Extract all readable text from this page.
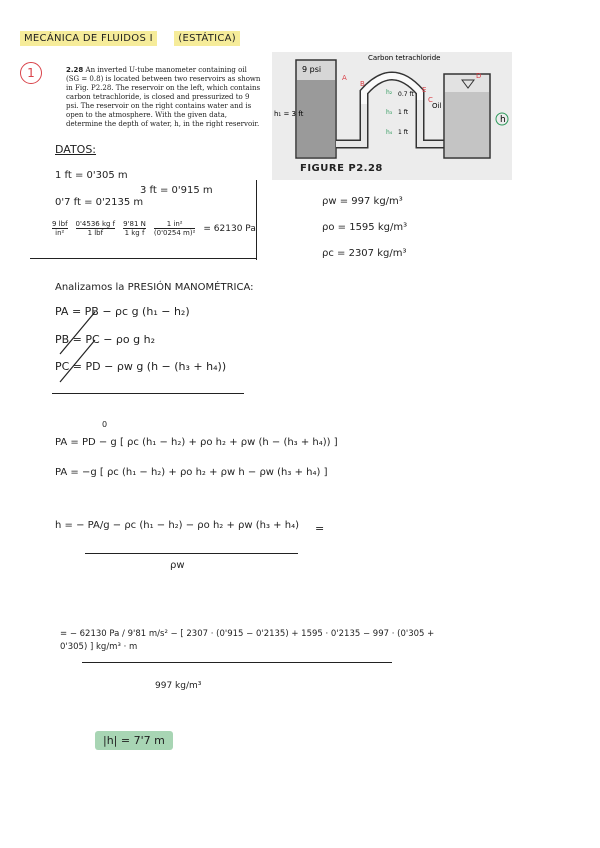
MECÁNICA DE FLUIDOS I	(ESTÁTICA)
1	2.28 An inverted U-tube manometer containing oil (SG = 0.8) is located between two reservoirs as shown in Fig. P2.28. The reservoir on the left, which contains carbon tetrachloride, is closed and pressurized to 9 psi. The reservoir on the right contains water and is open to the atmosphere. With the given data, determine the depth of water, h, in the right reservoir.
9 psi
Carbon tetrachloride
Oil
0.7 ft
1 ft
1 ft
h₁ = 3 ft
h
h₂
h₃
h₄
A
B
C
D
E
FIGURE P2.28
DATOS:
1 ft = 0'305 m
3 ft = 0'915 m
0'7 ft = 0'2135 m
9 lbf
in²
0'4536 kg f
1 lbf	$\frac{9'81 N}{\text{1 kg f}} \frac{\text{1 in²}}{\text{(0'0254 m)²}} = 62130$ Pa
ρw = 997 kg/m³
ρo = 1595 kg/m³
ρc = 2307 kg/m³
Analizamos la PRESIÓN MANOMÉTRICA:
PA = PB − ρc g (h₁ − h₂)
PB = PC − ρo g h₂
PC = PD − ρw g (h − (h₃ + h₄))
0
PA = PD − g [ ρc (h₁ − h₂) + ρo h₂ + ρw (h − (h₃ + h₄)) ]
PA = −g [ ρc (h₁ − h₂) + ρo h₂ + ρw h − ρw (h₃ + h₄) ]
h = − PA/g − ρc (h₁ − h₂) − ρo h₂ + ρw (h₃ + h₄) =
ρw
= − 62130 Pa / 9'81 m/s² − [ 2307 · (0'915 − 0'2135) + 1595 · 0'2135 − 997 · (0'305 + 0'305) ] kg/m³ · m
997 kg/m³
|h| = 7'7 m
